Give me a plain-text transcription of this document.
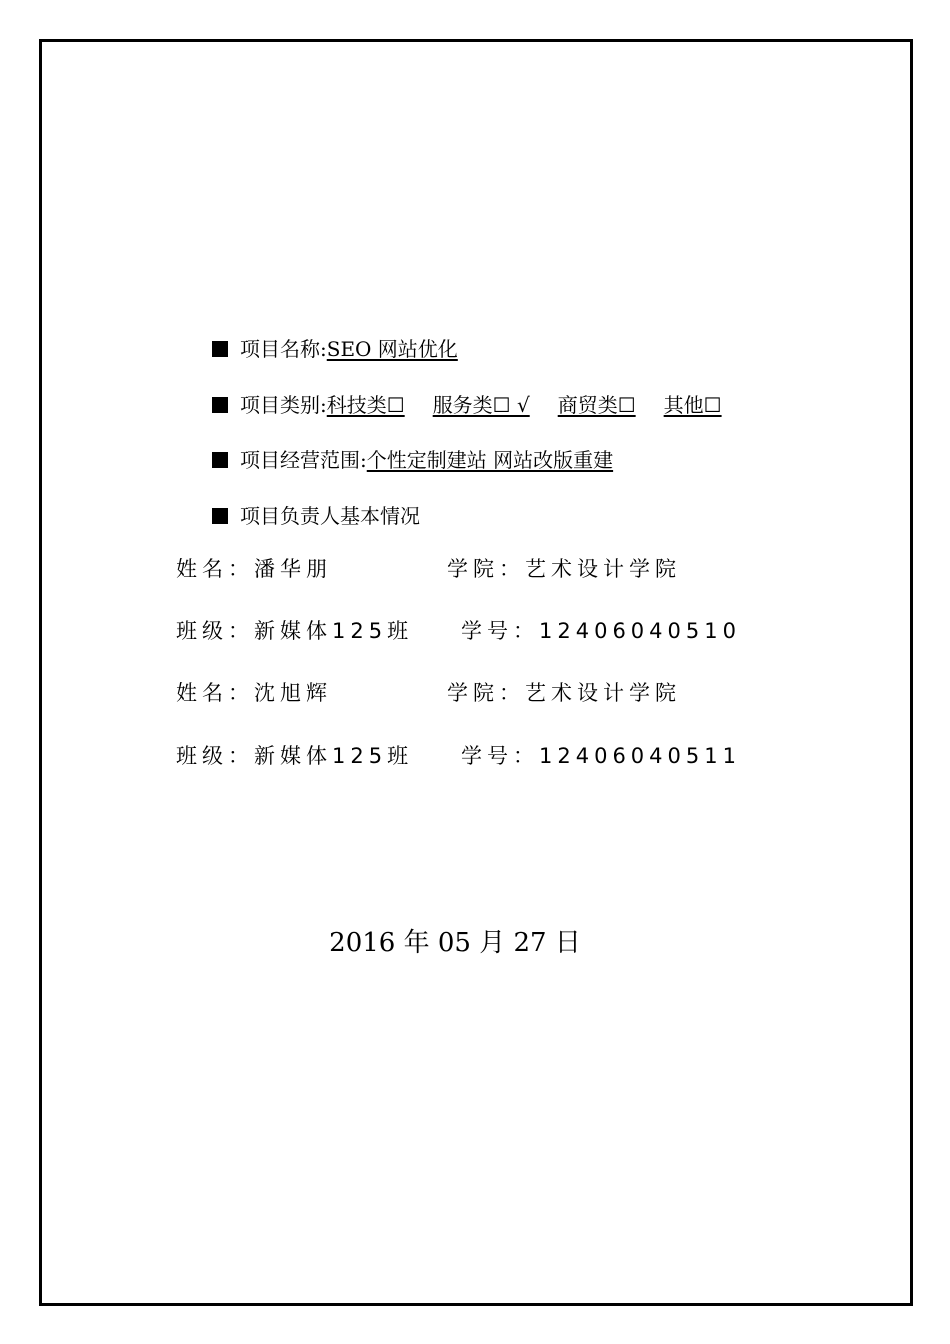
项目名称:SEO 网站优化
项目类别:科技类☐ 服务类☐ √ 商贸类☐ 其他☐
项目经营范围:个性定制建站 网站改版重建
项目负责人基本情况
姓名：潘华朋	学院：艺术设计学院
班级：新媒体125班 学号：12406040510
姓名：沈旭辉	学院：艺术设计学院
班级：新媒体125班 学号：12406040511
2016 年 05 月 27 日
